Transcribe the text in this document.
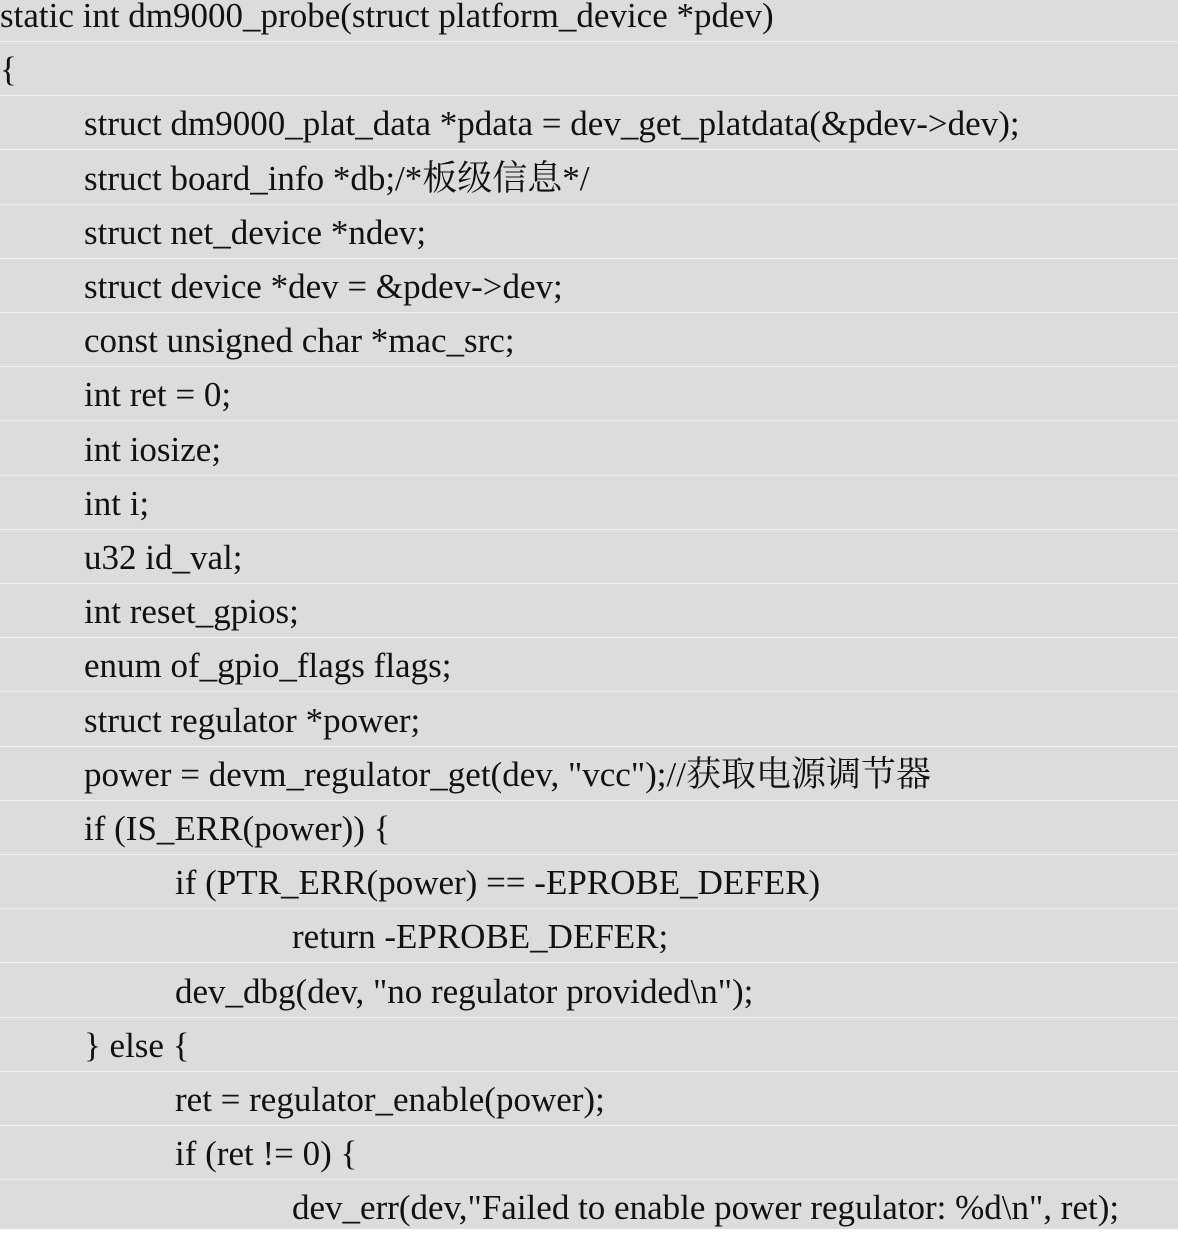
static int dm9000_probe(struct platform_device *pdev)
{
struct dm9000_plat_data *pdata = dev_get_platdata(&pdev->dev);
struct board_info *db;/*板级信息*/
struct net_device *ndev;
struct device *dev = &pdev->dev;
const unsigned char *mac_src;
int ret = 0;
int iosize;
int i;
u32 id_val;
int reset_gpios;
enum of_gpio_flags flags;
struct regulator *power;
power = devm_regulator_get(dev, "vcc");//获取电源调节器
if (IS_ERR(power)) {
if (PTR_ERR(power) == -EPROBE_DEFER)
return -EPROBE_DEFER;
dev_dbg(dev, "no regulator provided\n");
} else {
ret = regulator_enable(power);
if (ret != 0) {
dev_err(dev,"Failed to enable power regulator: %d\n", ret);
